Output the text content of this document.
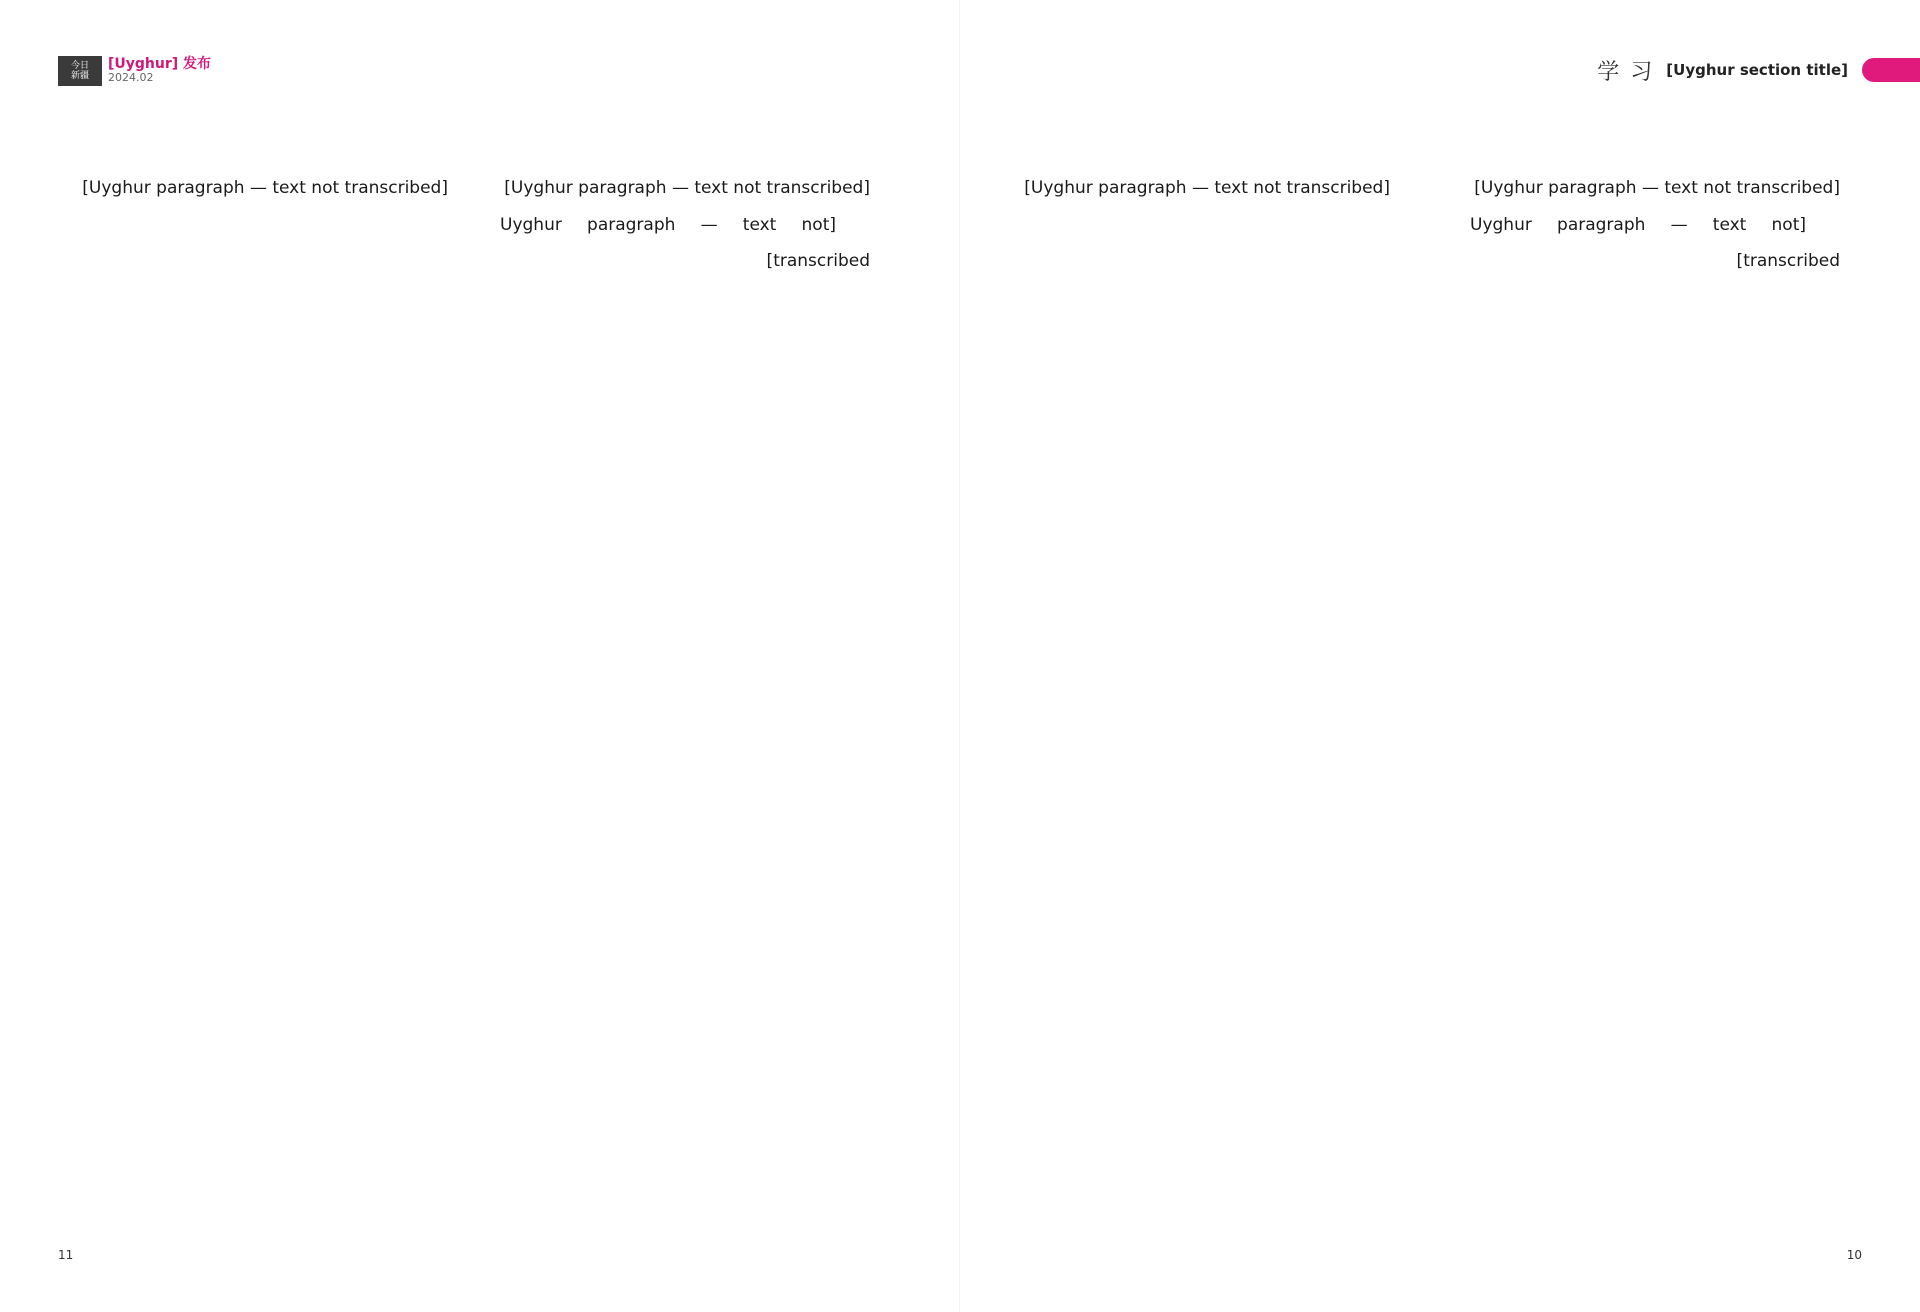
今日
新疆
[Uyghur] 发布
2024.02

[Uyghur paragraph — text not transcribed]

[Uyghur paragraph — text not transcribed]

[Uyghur paragraph — text not transcribed]

11
学 习 [Uyghur section title]

[Uyghur paragraph — text not transcribed]	[Uyghur paragraph — text not transcribed]

[Uyghur paragraph — text not transcribed]

10
